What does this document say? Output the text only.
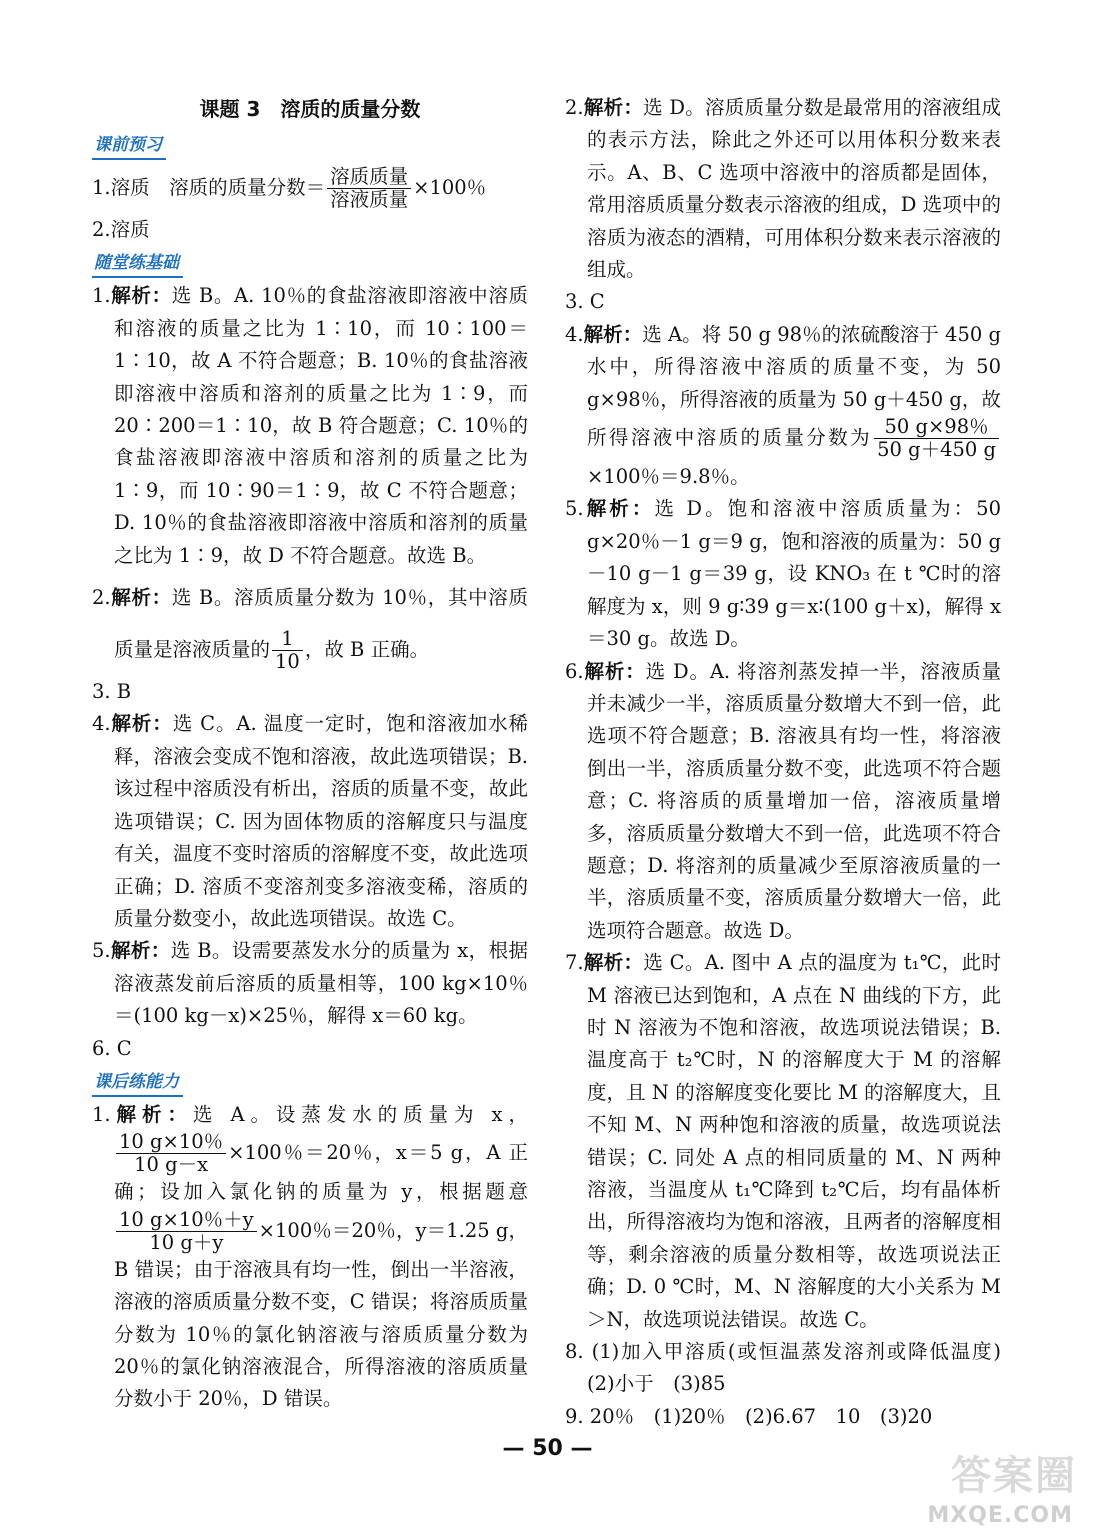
课题 3　溶质的质量分数
课前预习

1.溶质　溶质的质量分数＝ $\frac{\text{溶质质量}}{\text{溶液质量}} \times 100$％

2.溶质

随堂练基础

1.解析：选 B。A. 10％的食盐溶液即溶液中溶质和溶液的质量之比为 1∶10，而 10∶100＝1∶10，故 A 不符合题意；B. 10％的食盐溶液即溶液中溶质和溶剂的质量之比为 1∶9，而 20∶200＝1∶10，故 B 符合题意；C. 10％的食盐溶液即溶液中溶质和溶剂的质量之比为 1∶9，而 10∶90＝1∶9，故 C 不符合题意；D. 10％的食盐溶液即溶液中溶质和溶剂的质量之比为 1∶9，故 D 不符合题意。故选 B。

2.解析：选 B。溶质质量分数为 10％，其中溶质质量是溶液质量的 $\frac{1}{10}$ ，故 B 正确。

3. B

4.解析：选 C。A. 温度一定时，饱和溶液加水稀释，溶液会变成不饱和溶液，故此选项错误；B. 该过程中溶质没有析出，溶质的质量不变，故此选项错误；C. 因为固体物质的溶解度只与温度有关，温度不变时溶质的溶解度不变，故此选项正确；D. 溶质不变溶剂变多溶液变稀，溶质的质量分数变小，故此选项错误。故选 C。

5.解析：选 B。设需要蒸发水分的质量为 x，根据溶液蒸发前后溶质的质量相等，100 kg×10％＝(100 kg－x)×25％，解得 x＝60 kg。

6. C

课后练能力

1.解析：选 A。设蒸发水的质量为 x，
$\frac{10 g\times 10\%}{10 g-x} \times 100$％＝20％，x＝5 g，A 正确；设加入氯化钠的质量为 y，根据题意
$\frac{10 g\times 10\%+y}{10 g+y} \times 100$％＝20％，y＝1.25 g，B 错误；由于溶液具有均一性，倒出一半溶液，溶液的溶质质量分数不变，C 错误；将溶质质量分数为 10％的氯化钠溶液与溶质质量分数为 20％的氯化钠溶液混合，所得溶液的溶质质量分数小于 20％，D 错误。

2.解析：选 D。溶质质量分数是最常用的溶液组成的表示方法，除此之外还可以用体积分数来表示。A、B、C 选项中溶液中的溶质都是固体，常用溶质质量分数表示溶液的组成，D 选项中的溶质为液态的酒精，可用体积分数来表示溶液的组成。

3. C

4.解析：选 A。将 50 g 98％的浓硫酸溶于 450 g 水中，所得溶液中溶质的质量不变，为 50 g×98％，所得溶液的质量为 50 g＋450 g，故所得溶液中溶质的质量分数为 $\frac{50 g\times 98\%}{50 g+450 g}$
×100％＝9.8％。

5.解析：选 D。饱和溶液中溶质质量为：50 g×20％－1 g＝9 g，饱和溶液的质量为：50 g－10 g－1 g＝39 g，设 KNO₃ 在 t ℃时的溶解度为 x，则 9 g∶39 g＝x∶(100 g＋x)，解得 x＝30 g。故选 D。

6.解析：选 D。A. 将溶剂蒸发掉一半，溶液质量并未减少一半，溶质质量分数增大不到一倍，此选项不符合题意；B. 溶液具有均一性，将溶液倒出一半，溶质质量分数不变，此选项不符合题意；C. 将溶质的质量增加一倍，溶液质量增多，溶质质量分数增大不到一倍，此选项不符合题意；D. 将溶剂的质量减少至原溶液质量的一半，溶质质量不变，溶质质量分数增大一倍，此选项符合题意。故选 D。

7.解析：选 C。A. 图中 A 点的温度为 t₁℃，此时 M 溶液已达到饱和，A 点在 N 曲线的下方，此时 N 溶液为不饱和溶液，故选项说法错误；B. 温度高于 t₂℃时，N 的溶解度大于 M 的溶解度，且 N 的溶解度变化要比 M 的溶解度大，且不知 M、N 两种饱和溶液的质量，故选项说法错误；C. 同处 A 点的相同质量的 M、N 两种溶液，当温度从 t₁℃降到 t₂℃后，均有晶体析出，所得溶液均为饱和溶液，且两者的溶解度相等，剩余溶液的质量分数相等，故选项说法正确；D. 0 ℃时，M、N 溶解度的大小关系为 M＞N，故选项说法错误。故选 C。

8. (1)加入甲溶质(或恒温蒸发溶剂或降低温度)　(2)小于　(3)85

9. 20％　(1)20％　(2)6.67　10　(3)20

— 50 —
答案圈
MXQE.COM
